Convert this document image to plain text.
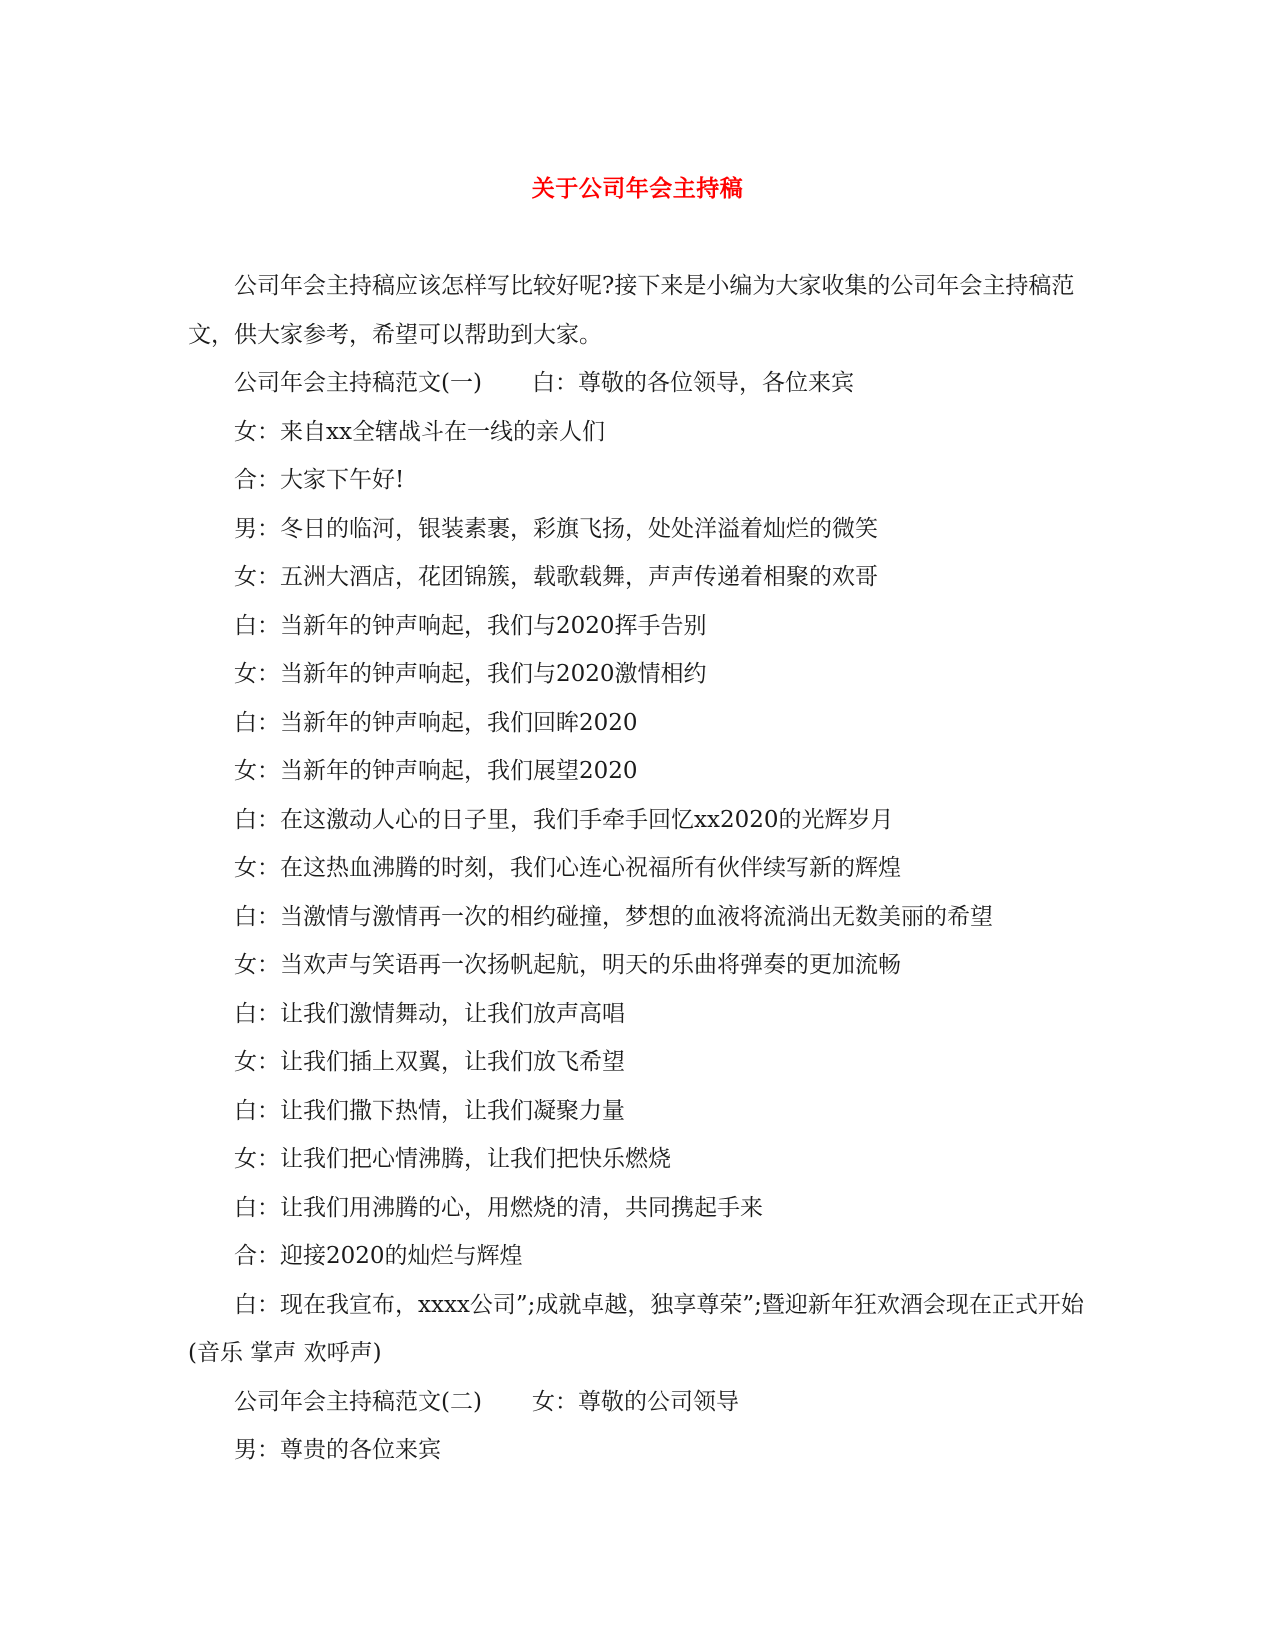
关于公司年会主持稿

公司年会主持稿应该怎样写比较好呢?接下来是小编为大家收集的公司年会主持稿范文，供大家参考，希望可以帮助到大家。

公司年会主持稿范文(一) 白：尊敬的各位领导，各位来宾

女：来自xx全辖战斗在一线的亲人们

合：大家下午好!

男：冬日的临河，银装素裹，彩旗飞扬，处处洋溢着灿烂的微笑

女：五洲大酒店，花团锦簇，载歌载舞，声声传递着相聚的欢哥

白：当新年的钟声响起，我们与2020挥手告别

女：当新年的钟声响起，我们与2020激情相约

白：当新年的钟声响起，我们回眸2020

女：当新年的钟声响起，我们展望2020

白：在这激动人心的日子里，我们手牵手回忆xx2020的光辉岁月

女：在这热血沸腾的时刻，我们心连心祝福所有伙伴续写新的辉煌

白：当激情与激情再一次的相约碰撞，梦想的血液将流淌出无数美丽的希望

女：当欢声与笑语再一次扬帆起航，明天的乐曲将弹奏的更加流畅

白：让我们激情舞动，让我们放声高唱

女：让我们插上双翼，让我们放飞希望

白：让我们撒下热情，让我们凝聚力量

女：让我们把心情沸腾，让我们把快乐燃烧

白：让我们用沸腾的心，用燃烧的清，共同携起手来

合：迎接2020的灿烂与辉煌

白：现在我宣布，xxxx公司”;成就卓越，独享尊荣”;暨迎新年狂欢酒会现在正式开始(音乐 掌声 欢呼声)

公司年会主持稿范文(二) 女：尊敬的公司领导

男：尊贵的各位来宾
